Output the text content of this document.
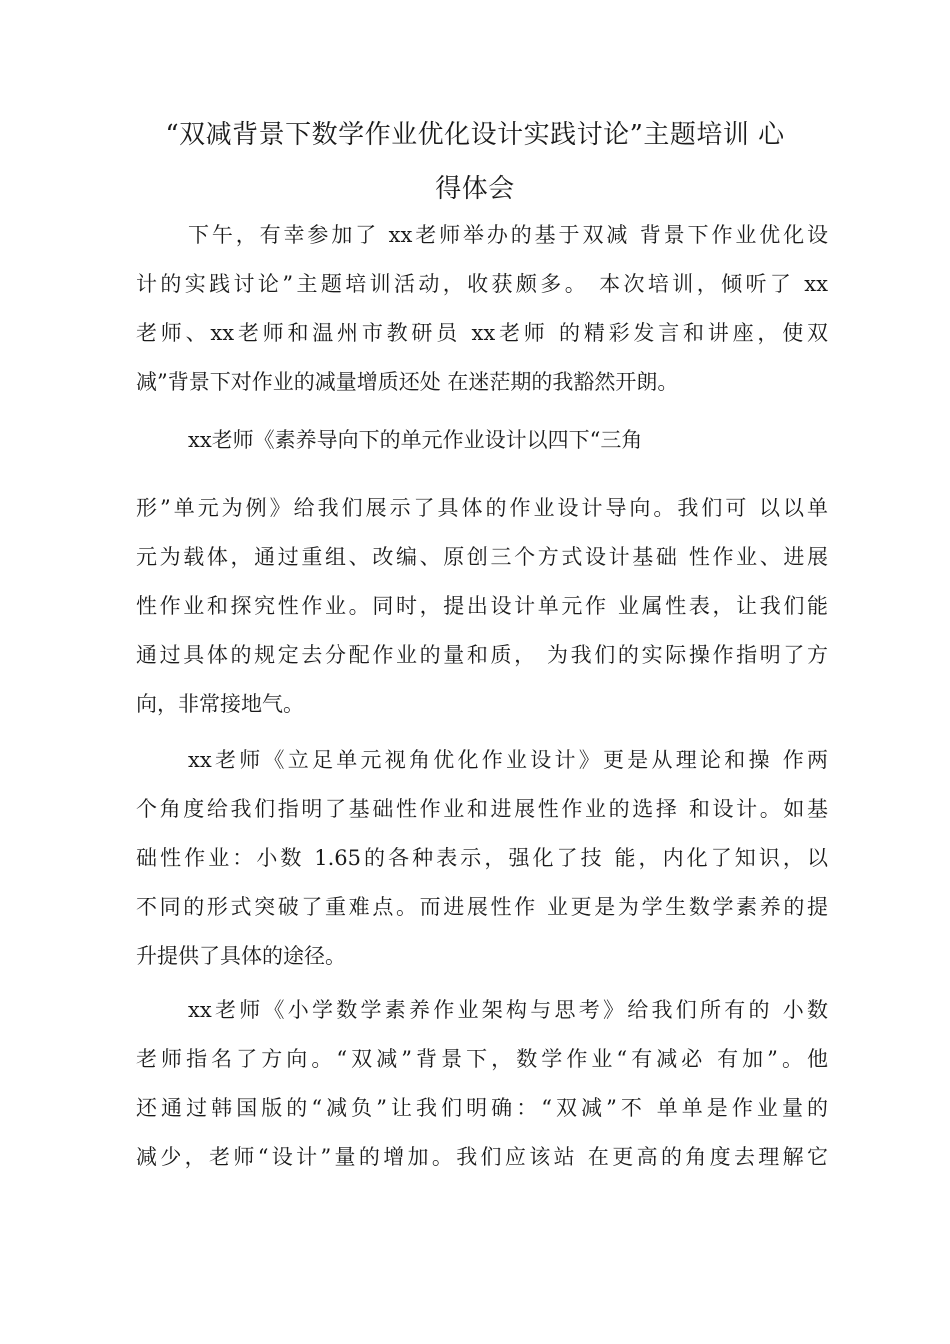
“双减背景下数学作业优化设计实践讨论”主题培训 心
得体会

下午，有幸参加了 xx老师举办的基于双减 背景下作业优化设
计的实践讨论”主题培训活动，收获颇多。 本次培训，倾听了 xx
老师、xx老师和温州市教研员 xx老师 的精彩发言和讲座，使双
减”背景下对作业的减量增质还处 在迷茫期的我豁然开朗。

xx老师《素养导向下的单元作业设计以四下“三角

形”单元为例》给我们展示了具体的作业设计导向。我们可 以以单
元为载体，通过重组、改编、原创三个方式设计基础 性作业、进展
性作业和探究性作业。同时，提出设计单元作 业属性表，让我们能
通过具体的规定去分配作业的量和质， 为我们的实际操作指明了方
向，非常接地气。

xx老师《立足单元视角优化作业设计》更是从理论和操 作两
个角度给我们指明了基础性作业和进展性作业的选择 和设计。如基
础性作业：小数 1.65的各种表示，强化了技 能，内化了知识，以
不同的形式突破了重难点。而进展性作 业更是为学生数学素养的提
升提供了具体的途径。

xx老师《小学数学素养作业架构与思考》给我们所有的 小数
老师指名了方向。“双减”背景下，数学作业“有减必 有加”。他
还通过韩国版的“减负”让我们明确：“双减”不 单单是作业量的
减少，老师“设计”量的增加。我们应该站 在更高的角度去理解它
